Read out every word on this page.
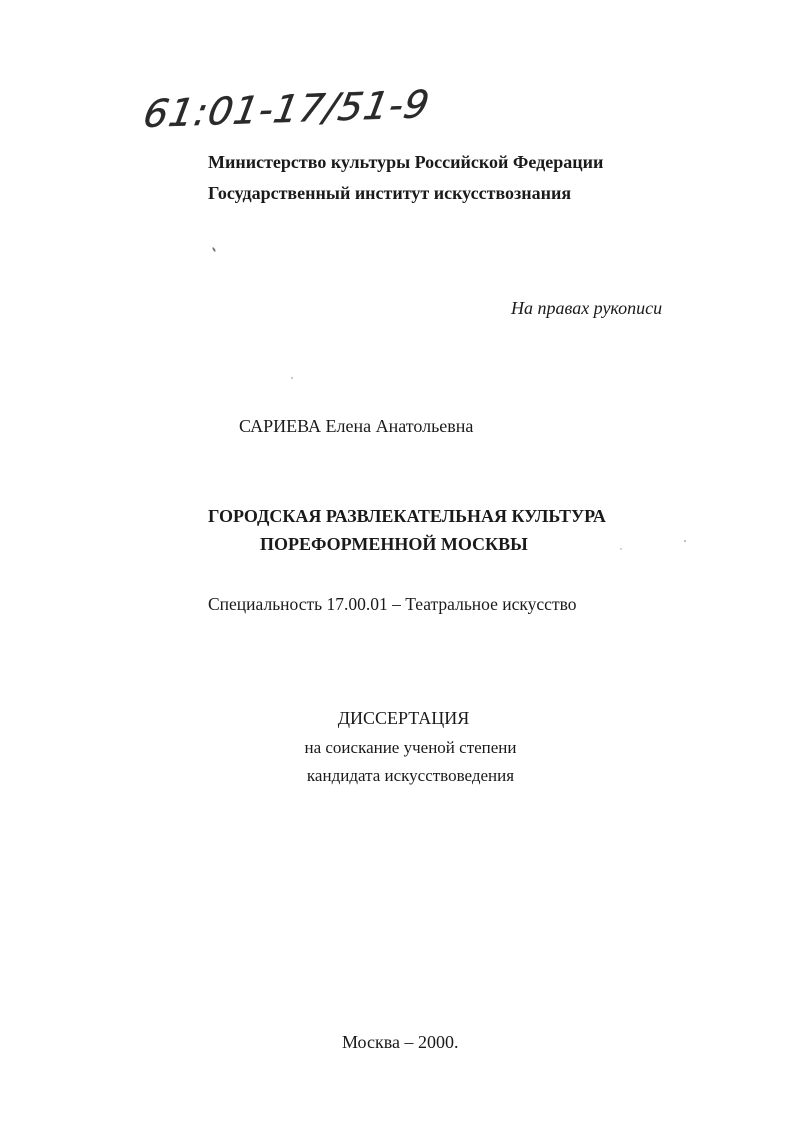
61:01-17/51-9
Министерство культуры Российской Федерации
Государственный институт искусствознания
На правах рукописи
САРИЕВА Елена Анатольевна
ГОРОДСКАЯ РАЗВЛЕКАТЕЛЬНАЯ КУЛЬТУРА
ПОРЕФОРМЕННОЙ МОСКВЫ
Специальность 17.00.01 – Театральное искусство
ДИССЕРТАЦИЯ
на соискание ученой степени
кандидата искусствоведения
Москва – 2000.
